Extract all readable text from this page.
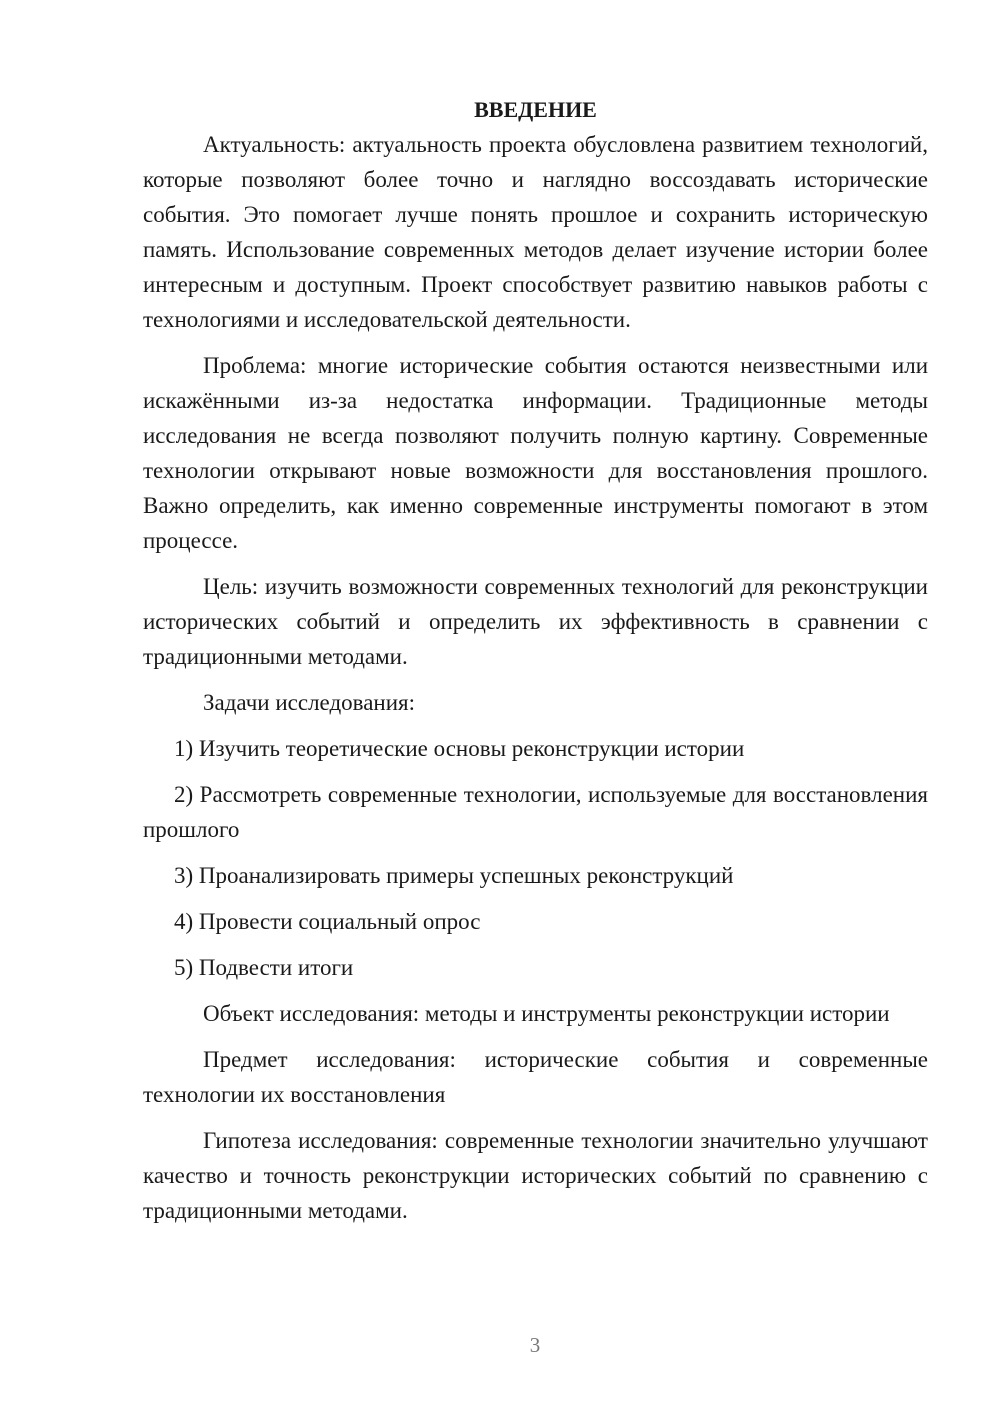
ВВЕДЕНИЕ

Актуальность: актуальность проекта обусловлена развитием технологий, которые позволяют более точно и наглядно воссоздавать исторические события. Это помогает лучше понять прошлое и сохранить историческую память. Использование современных методов делает изучение истории более интересным и доступным. Проект способствует развитию навыков работы с технологиями и исследовательской деятельности.

Проблема: многие исторические события остаются неизвестными или искажёнными из-за недостатка информации. Традиционные методы исследования не всегда позволяют получить полную картину. Современные технологии открывают новые возможности для восстановления прошлого. Важно определить, как именно современные инструменты помогают в этом процессе.

Цель: изучить возможности современных технологий для реконструкции исторических событий и определить их эффективность в сравнении с традиционными методами.

Задачи исследования:

1) Изучить теоретические основы реконструкции истории

2) Рассмотреть современные технологии, используемые для восстановления прошлого

3) Проанализировать примеры успешных реконструкций

4) Провести социальный опрос

5) Подвести итоги

Объект исследования: методы и инструменты реконструкции истории

Предмет исследования: исторические события и современные технологии их восстановления

Гипотеза исследования: современные технологии значительно улучшают качество и точность реконструкции исторических событий по сравнению с традиционными методами.

3
